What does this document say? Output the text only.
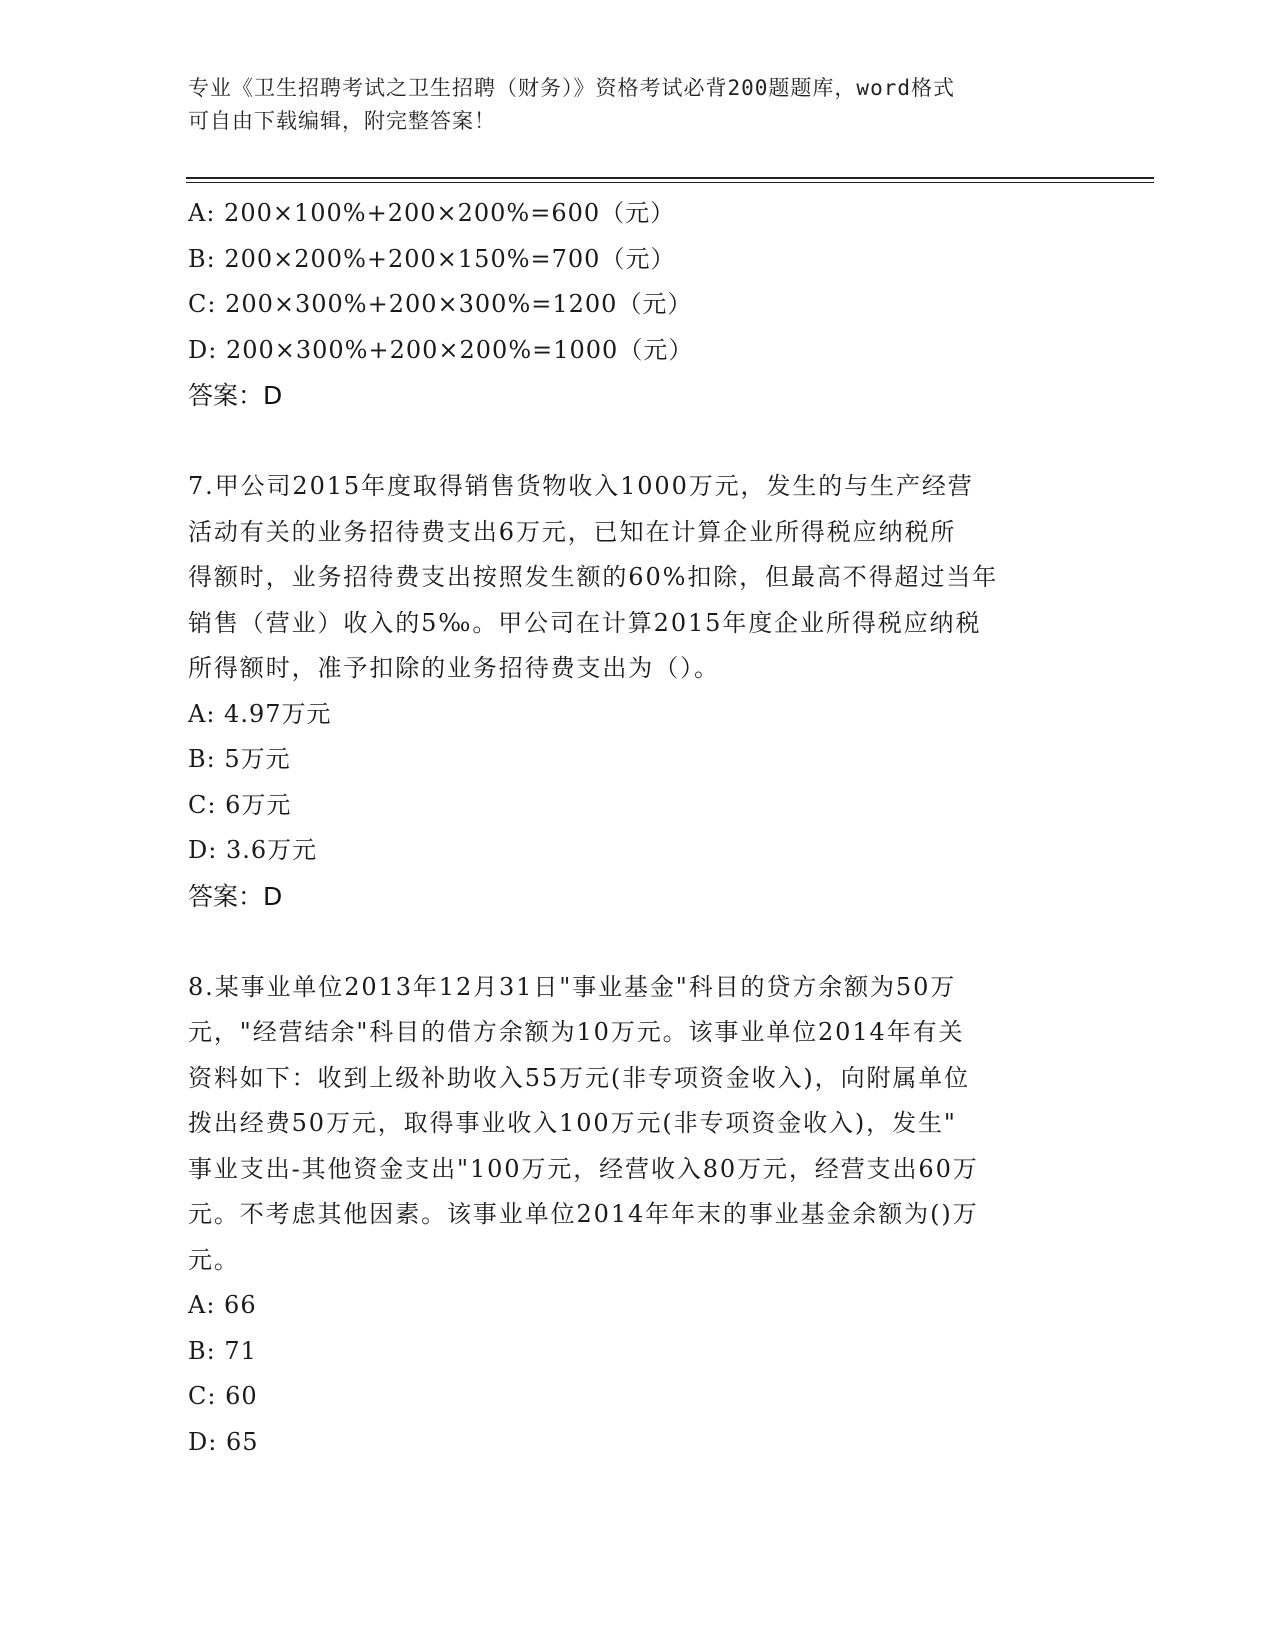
专业《卫生招聘考试之卫生招聘（财务）》资格考试必背200题题库，word格式
可自由下载编辑，附完整答案！
A: 200×100%+200×200%=600（元）
B: 200×200%+200×150%=700（元）
C: 200×300%+200×300%=1200（元）
D: 200×300%+200×200%=1000（元）
答案：D
7.甲公司2015年度取得销售货物收入1000万元，发生的与生产经营
活动有关的业务招待费支出6万元，已知在计算企业所得税应纳税所
得额时，业务招待费支出按照发生额的60%扣除，但最高不得超过当年
销售（营业）收入的5‰。甲公司在计算2015年度企业所得税应纳税
所得额时，准予扣除的业务招待费支出为（）。
A: 4.97万元
B: 5万元
C: 6万元
D: 3.6万元
答案：D
8.某事业单位2013年12月31日"事业基金"科目的贷方余额为50万
元，"经营结余"科目的借方余额为10万元。该事业单位2014年有关
资料如下：收到上级补助收入55万元(非专项资金收入)，向附属单位
拨出经费50万元，取得事业收入100万元(非专项资金收入)，发生"
事业支出-其他资金支出"100万元，经营收入80万元，经营支出60万
元。不考虑其他因素。该事业单位2014年年末的事业基金余额为()万
元。
A: 66
B: 71
C: 60
D: 65
